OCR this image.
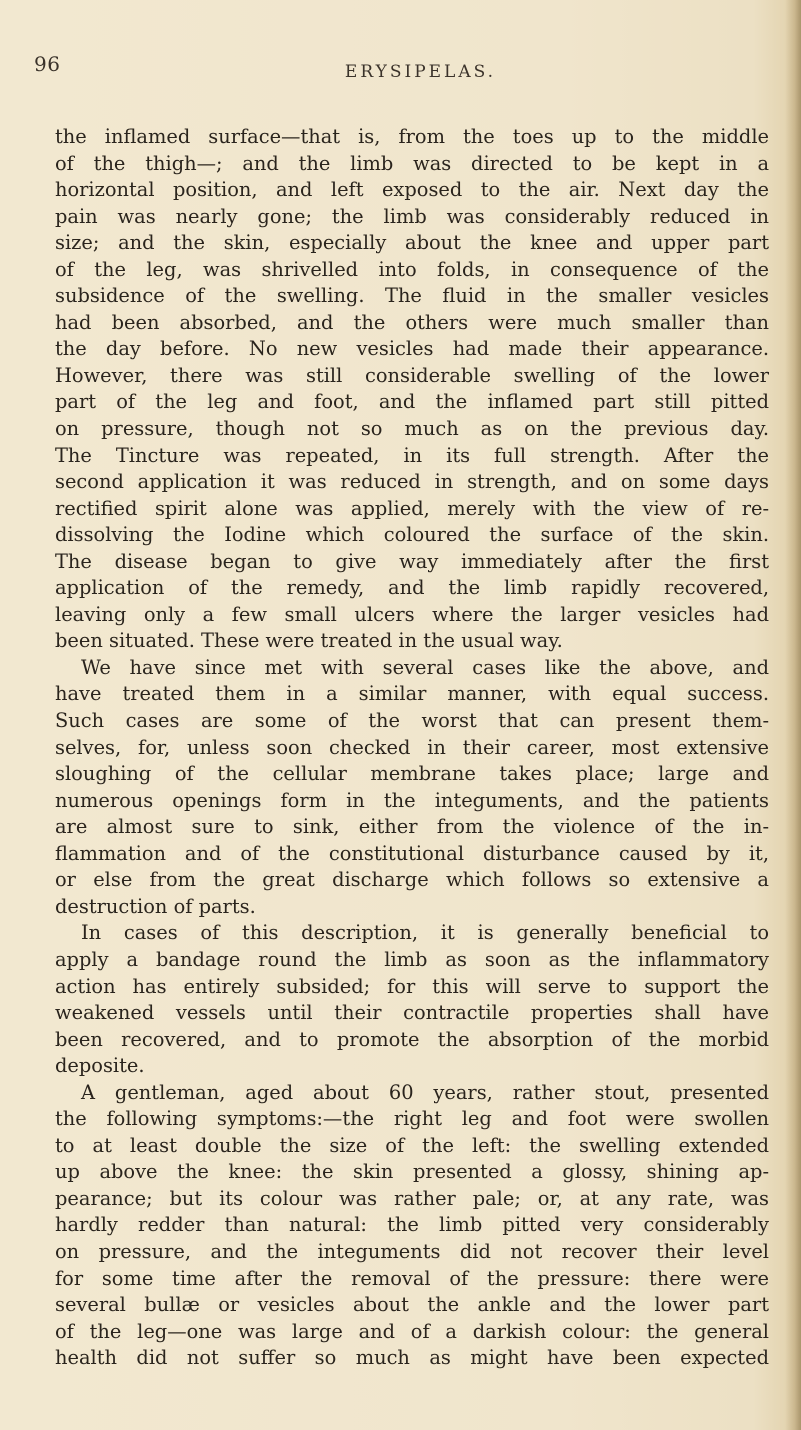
96	ERYSIPELAS.
the inflamed surface—that is, from the toes up to the middle
of the thigh—; and the limb was directed to be kept in a
horizontal position, and left exposed to the air. Next day the
pain was nearly gone; the limb was considerably reduced in
size; and the skin, especially about the knee and upper part
of the leg, was shrivelled into folds, in consequence of the
subsidence of the swelling. The fluid in the smaller vesicles
had been absorbed, and the others were much smaller than
the day before. No new vesicles had made their appearance.
However, there was still considerable swelling of the lower
part of the leg and foot, and the inflamed part still pitted
on pressure, though not so much as on the previous day.
The Tincture was repeated, in its full strength. After the
second application it was reduced in strength, and on some days
rectified spirit alone was applied, merely with the view of re-
dissolving the Iodine which coloured the surface of the skin.
The disease began to give way immediately after the first
application of the remedy, and the limb rapidly recovered,
leaving only a few small ulcers where the larger vesicles had
been situated. These were treated in the usual way.
We have since met with several cases like the above, and
have treated them in a similar manner, with equal success.
Such cases are some of the worst that can present them-
selves, for, unless soon checked in their career, most extensive
sloughing of the cellular membrane takes place; large and
numerous openings form in the integuments, and the patients
are almost sure to sink, either from the violence of the in-
flammation and of the constitutional disturbance caused by it,
or else from the great discharge which follows so extensive a
destruction of parts.
In cases of this description, it is generally beneficial to
apply a bandage round the limb as soon as the inflammatory
action has entirely subsided; for this will serve to support the
weakened vessels until their contractile properties shall have
been recovered, and to promote the absorption of the morbid
deposite.
A gentleman, aged about 60 years, rather stout, presented
the following symptoms:—the right leg and foot were swollen
to at least double the size of the left: the swelling extended
up above the knee: the skin presented a glossy, shining ap-
pearance; but its colour was rather pale; or, at any rate, was
hardly redder than natural: the limb pitted very considerably
on pressure, and the integuments did not recover their level
for some time after the removal of the pressure: there were
several bullæ or vesicles about the ankle and the lower part
of the leg—one was large and of a darkish colour: the general
health did not suffer so much as might have been expected
